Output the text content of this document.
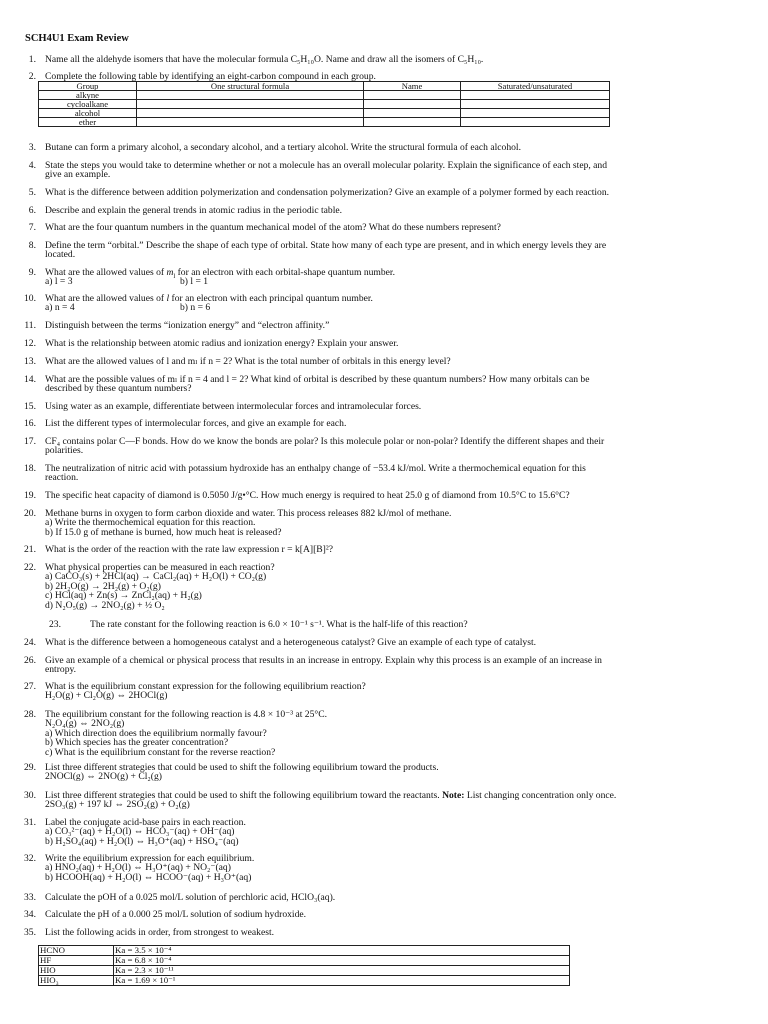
SCH4U1 Exam Review
1. Name all the aldehyde isomers that have the molecular formula C₅H₁₀O. Name and draw all the isomers of C₅H₁₀.
2. Complete the following table by identifying an eight-carbon compound in each group.
Group	One structural formula	Name	Saturated/unsaturated
alkyne			
cycloalkane			
alcohol			
ether			
3. Butane can form a primary alcohol, a secondary alcohol, and a tertiary alcohol. Write the structural formula of each alcohol.
4. State the steps you would take to determine whether or not a molecule has an overall molecular polarity. Explain the significance of each step, and
give an example.
5. What is the difference between addition polymerization and condensation polymerization? Give an example of a polymer formed by each reaction.
6. Describe and explain the general trends in atomic radius in the periodic table.
7. What are the four quantum numbers in the quantum mechanical model of the atom? What do these numbers represent?
8. Define the term “orbital.” Describe the shape of each type of orbital. State how many of each type are present, and in which energy levels they are
located.
9. What are the allowed values of $m_l$ for an electron with each orbital-shape quantum number.
a) l = 3	b) l = 1
10. What are the allowed values of l for an electron with each principal quantum number.
a) n = 4	b) n = 6
11. Distinguish between the terms “ionization energy” and “electron affinity.”
12. What is the relationship between atomic radius and ionization energy? Explain your answer.
13. What are the allowed values of l and mₗ if n = 2? What is the total number of orbitals in this energy level?
14. What are the possible values of mₗ if n = 4 and l = 2? What kind of orbital is described by these quantum numbers? How many orbitals can be
described by these quantum numbers?
15. Using water as an example, differentiate between intermolecular forces and intramolecular forces.
16. List the different types of intermolecular forces, and give an example for each.
17. CF₄ contains polar C—F bonds. How do we know the bonds are polar? Is this molecule polar or non-polar? Identify the different shapes and their
polarities.
18. The neutralization of nitric acid with potassium hydroxide has an enthalpy change of −53.4 kJ/mol. Write a thermochemical equation for this
reaction.
19. The specific heat capacity of diamond is 0.5050 J/g•°C. How much energy is required to heat 25.0 g of diamond from 10.5°C to 15.6°C?
20. Methane burns in oxygen to form carbon dioxide and water. This process releases 882 kJ/mol of methane.
a) Write the thermochemical equation for this reaction.
b) If 15.0 g of methane is burned, how much heat is released?
21. What is the order of the reaction with the rate law expression r = k[A][B]²?
22. What physical properties can be measured in each reaction?
a) CaCO₃(s) + 2HCl(aq) → CaCl₂(aq) + H₂O(l) + CO₂(g)
b) 2H₂O(g) → 2H₂(g) + O₂(g)
c) HCl(aq) + Zn(s) → ZnCl₂(aq) + H₂(g)
d) N₂O₅(g) → 2NO₂(g) + ½ O₂
23.	The rate constant for the following reaction is 6.0 × 10⁻¹ s⁻¹. What is the half-life of this reaction?
24. What is the difference between a homogeneous catalyst and a heterogeneous catalyst? Give an example of each type of catalyst.
26. Give an example of a chemical or physical process that results in an increase in entropy. Explain why this process is an example of an increase in
entropy.
27. What is the equilibrium constant expression for the following equilibrium reaction?
H₂O(g) + Cl₂O(g) ⇔ 2HOCl(g)
28. The equilibrium constant for the following reaction is 4.8 × 10⁻³ at 25°C.
N₂O₄(g) ⇔ 2NO₂(g)
a) Which direction does the equilibrium normally favour?
b) Which species has the greater concentration?
c) What is the equilibrium constant for the reverse reaction?
29. List three different strategies that could be used to shift the following equilibrium toward the products.
2NOCl(g) ⇔ 2NO(g) + Cl₂(g)
30. List three different strategies that could be used to shift the following equilibrium toward the reactants. Note: List changing concentration only once.
2SO₃(g) + 197 kJ ⇔ 2SO₂(g) + O₂(g)
31. Label the conjugate acid-base pairs in each reaction.
a) CO₃²⁻(aq) + H₂O(l) ⇔ HCO₃⁻(aq) + OH⁻(aq)
b) H₂SO₄(aq) + H₂O(l) ⇔ H₃O⁺(aq) + HSO₄⁻(aq)
32. Write the equilibrium expression for each equilibrium.
a) HNO₂(aq) + H₂O(l) ⇔ H₃O⁺(aq) + NO₂⁻(aq)
b) HCOOH(aq) + H₂O(l) ⇔ HCOO⁻(aq) + H₃O⁺(aq)
33. Calculate the pOH of a 0.025 mol/L solution of perchloric acid, HClO₃(aq).
34. Calculate the pH of a 0.000 25 mol/L solution of sodium hydroxide.
35. List the following acids in order, from strongest to weakest.
HCNO	Ka = 3.5 × 10⁻⁴
HF	Ka = 6.8 × 10⁻⁴
HIO	Ka = 2.3 × 10⁻¹¹
HIO₃	Ka = 1.69 × 10⁻¹
